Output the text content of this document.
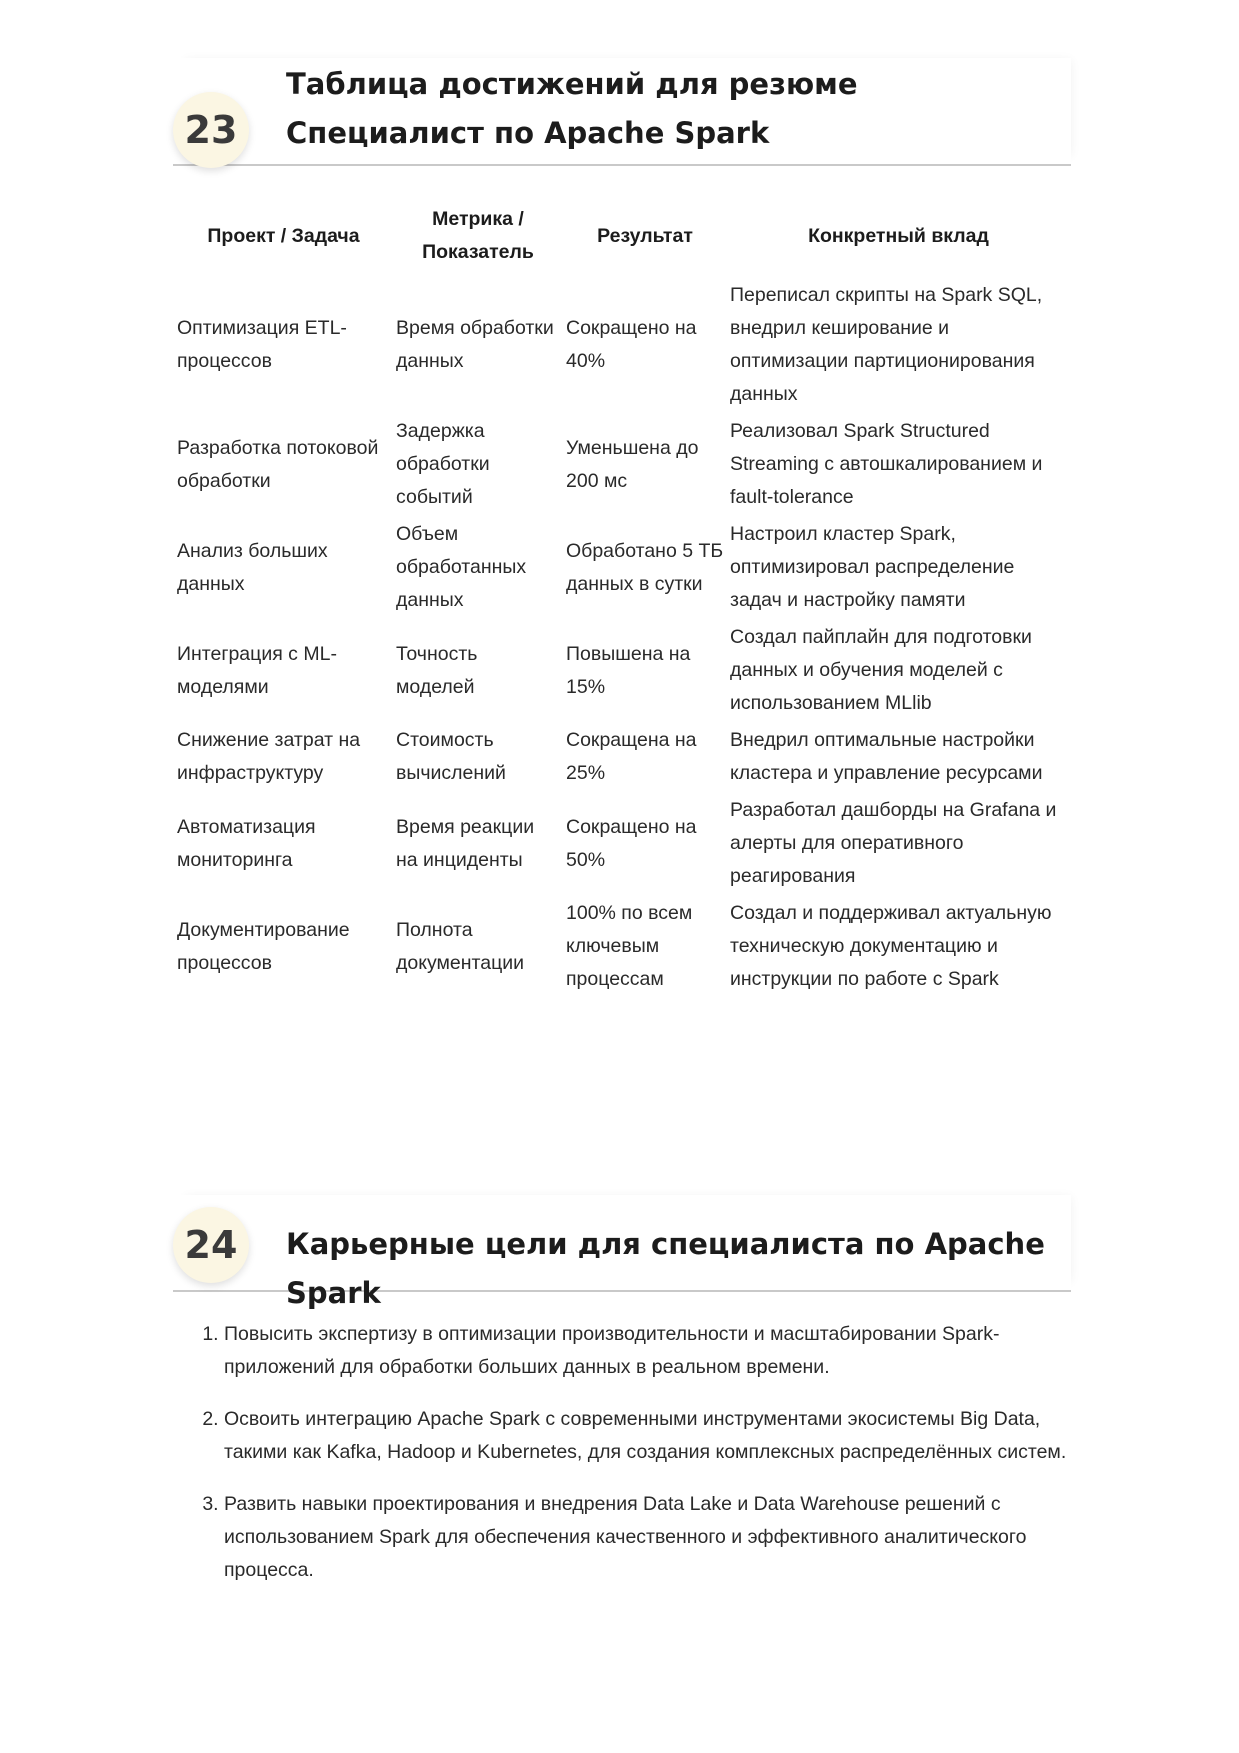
23
Таблица достижений для резюме Специалист по Apache Spark
Проект / Задача	Метрика / Показатель	Результат	Конкретный вклад
Оптимизация ETL-процессов	Время обработки данных	Сокращено на 40%	Переписал скрипты на Spark SQL, внедрил кеширование и оптимизации партиционирования данных
Разработка потоковой обработки	Задержка обработки событий	Уменьшена до 200 мс	Реализовал Spark Structured Streaming с автошкалированием и fault-tolerance
Анализ больших данных	Объем обработанных данных	Обработано 5 ТБ данных в сутки	Настроил кластер Spark, оптимизировал распределение задач и настройку памяти
Интеграция с ML-моделями	Точность моделей	Повышена на 15%	Создал пайплайн для подготовки данных и обучения моделей с использованием MLlib
Снижение затрат на инфраструктуру	Стоимость вычислений	Сокращена на 25%	Внедрил оптимальные настройки кластера и управление ресурсами
Автоматизация мониторинга	Время реакции на инциденты	Сокращено на 50%	Разработал дашборды на Grafana и алерты для оперативного реагирования
Документирование процессов	Полнота документации	100% по всем ключевым процессам	Создал и поддерживал актуальную техническую документацию и инструкции по работе с Spark
24	Карьерные цели для специалиста по Apache Spark
1. Повысить экспертизу в оптимизации производительности и масштабировании Spark-приложений для обработки больших данных в реальном времени.
2. Освоить интеграцию Apache Spark с современными инструментами экосистемы Big Data, такими как Kafka, Hadoop и Kubernetes, для создания комплексных распределённых систем.
3. Развить навыки проектирования и внедрения Data Lake и Data Warehouse решений с использованием Spark для обеспечения качественного и эффективного аналитического процесса.
